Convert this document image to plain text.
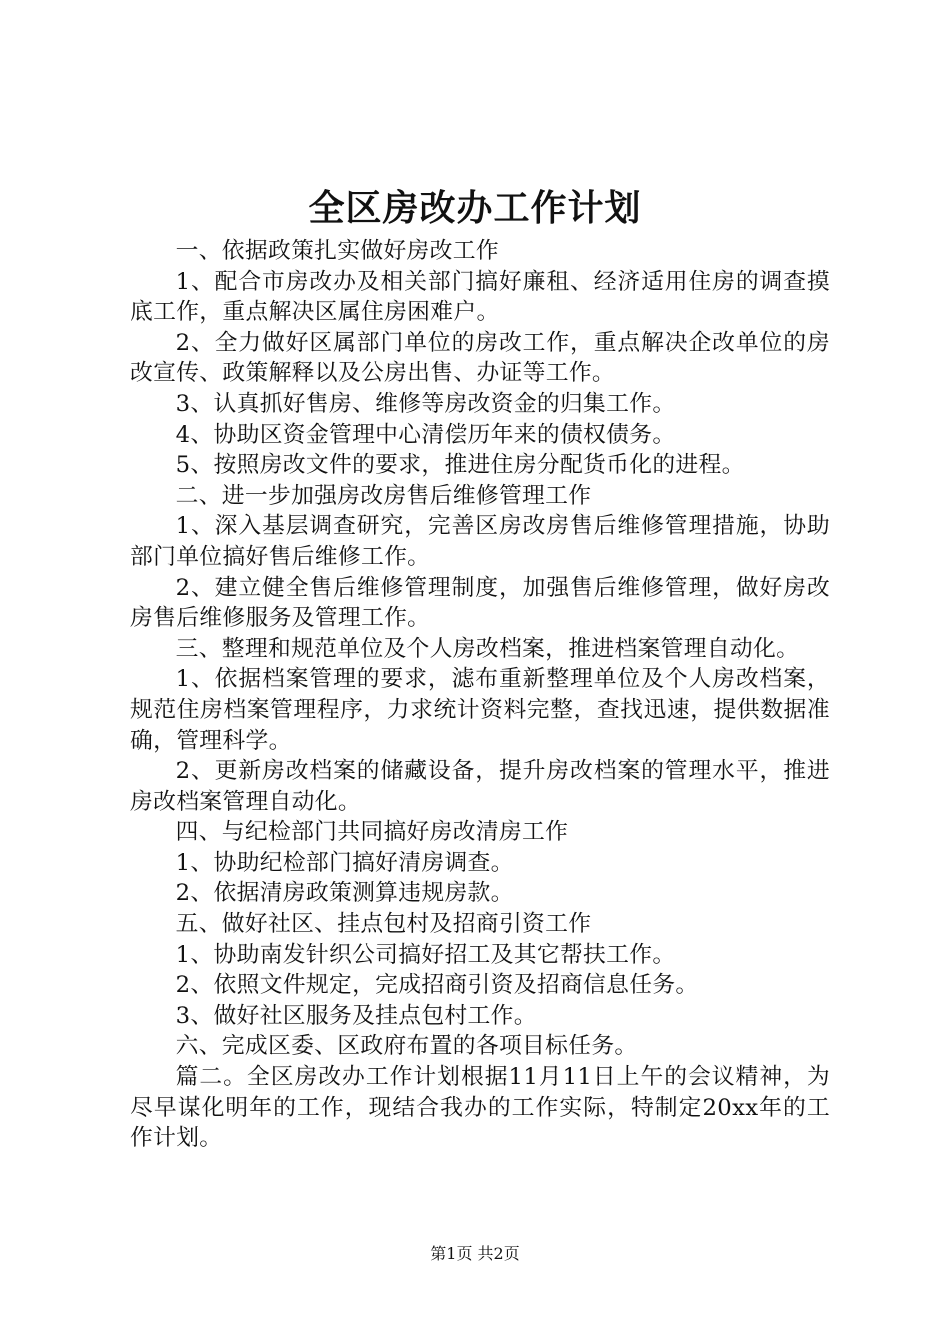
全区房改办工作计划

一、依据政策扎实做好房改工作

1、配合市房改办及相关部门搞好廉租、经济适用住房的调查摸底工作，重点解决区属住房困难户。

2、全力做好区属部门单位的房改工作，重点解决企改单位的房改宣传、政策解释以及公房出售、办证等工作。

3、认真抓好售房、维修等房改资金的归集工作。

4、协助区资金管理中心清偿历年来的债权债务。

5、按照房改文件的要求，推进住房分配货币化的进程。

二、进一步加强房改房售后维修管理工作

1、深入基层调查研究，完善区房改房售后维修管理措施，协助部门单位搞好售后维修工作。

2、建立健全售后维修管理制度，加强售后维修管理，做好房改房售后维修服务及管理工作。

三、整理和规范单位及个人房改档案，推进档案管理自动化。

1、依据档案管理的要求，滤布重新整理单位及个人房改档案，规范住房档案管理程序，力求统计资料完整，查找迅速，提供数据准确，管理科学。

2、更新房改档案的储藏设备，提升房改档案的管理水平，推进房改档案管理自动化。

四、与纪检部门共同搞好房改清房工作

1、协助纪检部门搞好清房调查。

2、依据清房政策测算违规房款。

五、做好社区、挂点包村及招商引资工作

1、协助南发针织公司搞好招工及其它帮扶工作。

2、依照文件规定，完成招商引资及招商信息任务。

3、做好社区服务及挂点包村工作。

六、完成区委、区政府布置的各项目标任务。

篇二。全区房改办工作计划根据11月11日上午的会议精神，为尽早谋化明年的工作，现结合我办的工作实际，特制定20xx年的工作计划。

第1页 共2页
